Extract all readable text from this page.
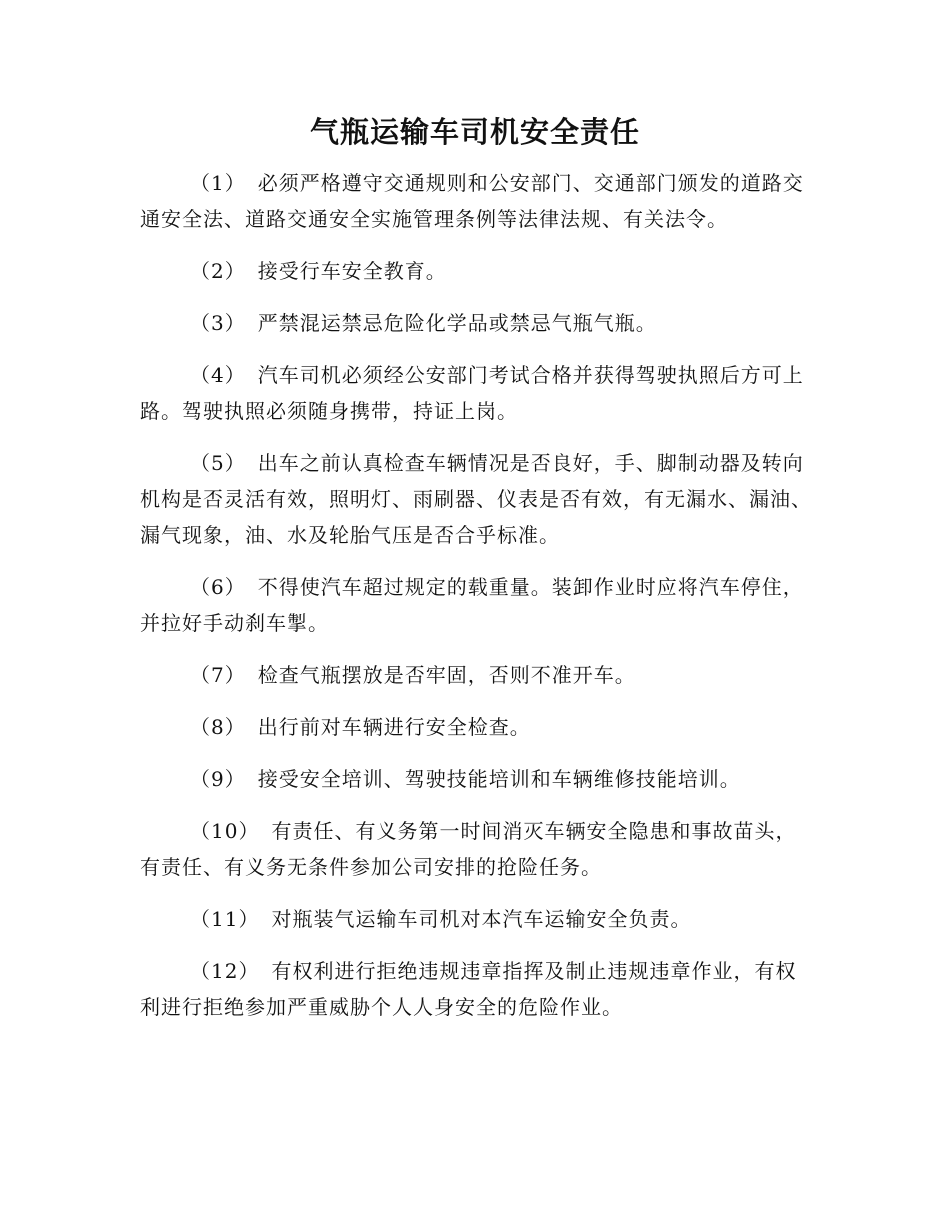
气瓶运输车司机安全责任

（1） 必须严格遵守交通规则和公安部门、交通部门颁发的道路交通安全法、道路交通安全实施管理条例等法律法规、有关法令。

（2） 接受行车安全教育。

（3） 严禁混运禁忌危险化学品或禁忌气瓶气瓶。

（4） 汽车司机必须经公安部门考试合格并获得驾驶执照后方可上路。驾驶执照必须随身携带，持证上岗。

（5） 出车之前认真检查车辆情况是否良好，手、脚制动器及转向机构是否灵活有效，照明灯、雨刷器、仪表是否有效，有无漏水、漏油、漏气现象，油、水及轮胎气压是否合乎标准。

（6） 不得使汽车超过规定的载重量。装卸作业时应将汽车停住，并拉好手动刹车掣。

（7） 检查气瓶摆放是否牢固，否则不准开车。

（8） 出行前对车辆进行安全检查。

（9） 接受安全培训、驾驶技能培训和车辆维修技能培训。

（10） 有责任、有义务第一时间消灭车辆安全隐患和事故苗头，有责任、有义务无条件参加公司安排的抢险任务。

（11） 对瓶装气运输车司机对本汽车运输安全负责。

（12） 有权利进行拒绝违规违章指挥及制止违规违章作业，有权利进行拒绝参加严重威胁个人人身安全的危险作业。
